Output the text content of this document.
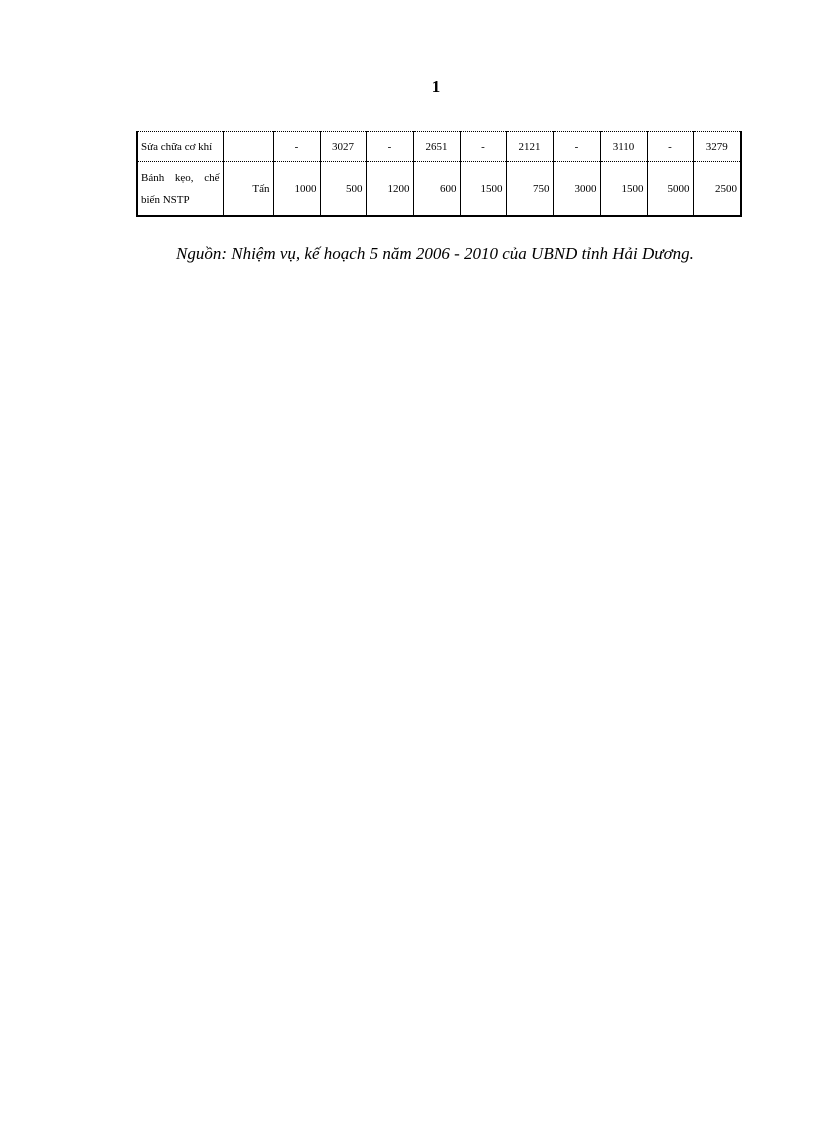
1
Sửa chữa cơ khí		-	3027	-	2651	-	2121	-	3110	-	3279
Bánh kẹo, chế biến NSTP	Tấn	1000	500	1200	600	1500	750	3000	1500	5000	2500
Nguồn: Nhiệm vụ, kế hoạch 5 năm 2006 - 2010 của UBND tỉnh Hải Dương.
